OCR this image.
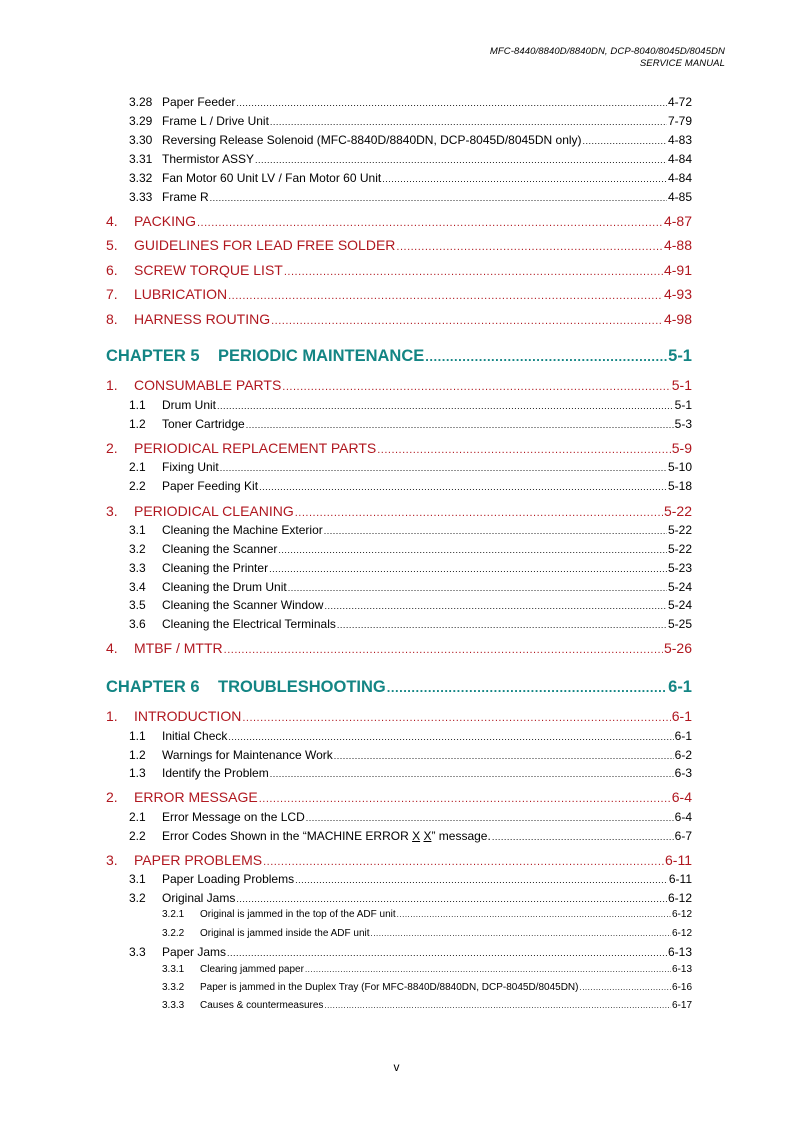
MFC-8440/8840D/8840DN, DCP-8040/8045D/8045DN
SERVICE MANUAL
3.28 Paper Feeder .....	4-72
3.29 Frame L / Drive Unit .....	7-79
3.30 Reversing Release Solenoid (MFC-8840D/8840DN, DCP-8045D/8045DN only) .....	4-83
3.31 Thermistor ASSY .....	4-84
3.32 Fan Motor 60 Unit LV / Fan Motor 60 Unit .....	4-84
3.33 Frame R .....	4-85
4.	PACKING .....	4-87
5.	GUIDELINES FOR LEAD FREE SOLDER .....	4-88
6.	SCREW TORQUE LIST .....	4-91
7.	LUBRICATION .....	4-93
8.	HARNESS ROUTING .....	4-98
CHAPTER 5	PERIODIC MAINTENANCE .....	5-1
1.	CONSUMABLE PARTS .....	5-1
1.1	Drum Unit .....	5-1
1.2	Toner Cartridge .....	5-3
2.	PERIODICAL REPLACEMENT PARTS .....	5-9
2.1	Fixing Unit .....	5-10
2.2	Paper Feeding Kit .....	5-18
3.	PERIODICAL CLEANING .....	5-22
3.1	Cleaning the Machine Exterior .....	5-22
3.2	Cleaning the Scanner .....	5-22
3.3	Cleaning the Printer .....	5-23
3.4	Cleaning the Drum Unit .....	5-24
3.5	Cleaning the Scanner Window .....	5-24
3.6	Cleaning the Electrical Terminals .....	5-25
4.	MTBF / MTTR .....	5-26
CHAPTER 6	TROUBLESHOOTING .....	6-1
1.	INTRODUCTION .....	6-1
1.1	Initial Check .....	6-1
1.2	Warnings for Maintenance Work .....	6-2
1.3	Identify the Problem .....	6-3
2.	ERROR MESSAGE .....	6-4
2.1	Error Message on the LCD .....	6-4
2.2	Error Codes Shown in the “MACHINE ERROR X X” message. .....	6-7
3.	PAPER PROBLEMS .....	6-11
3.1	Paper Loading Problems .....	6-11
3.2	Original Jams .....	6-12
3.2.1	Original is jammed in the top of the ADF unit .....	6-12
3.2.2	Original is jammed inside the ADF unit .....	6-12
3.3	Paper Jams .....	6-13
3.3.1	Clearing jammed paper .....	6-13
3.3.2	Paper is jammed in the Duplex Tray (For MFC-8840D/8840DN, DCP-8045D/8045DN) .....	6-16
3.3.3	Causes & countermeasures .....	6-17
v
